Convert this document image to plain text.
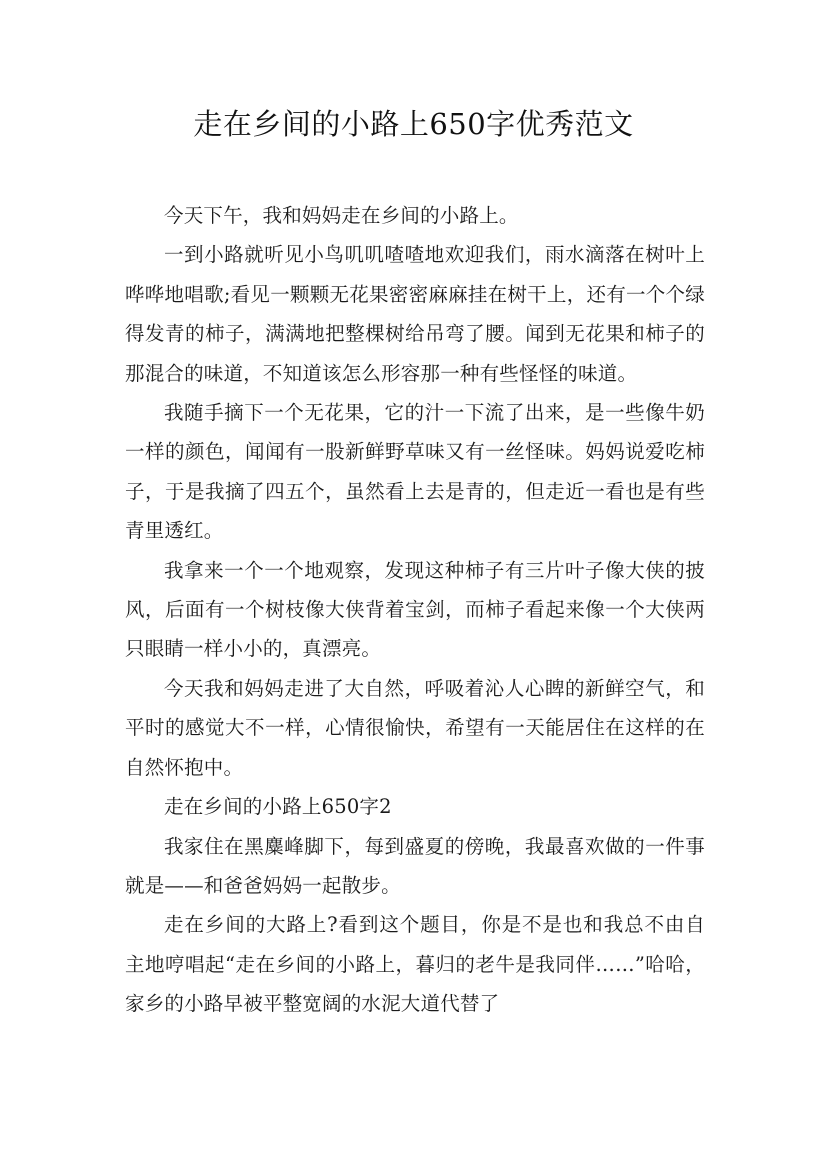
走在乡间的小路上650字优秀范文

今天下午，我和妈妈走在乡间的小路上。

一到小路就听见小鸟叽叽喳喳地欢迎我们，雨水滴落在树叶上哗哗地唱歌;看见一颗颗无花果密密麻麻挂在树干上，还有一个个绿得发青的柿子，满满地把整棵树给吊弯了腰。闻到无花果和柿子的那混合的味道，不知道该怎么形容那一种有些怪怪的味道。

我随手摘下一个无花果，它的汁一下流了出来，是一些像牛奶一样的颜色，闻闻有一股新鲜野草味又有一丝怪味。妈妈说爱吃柿子，于是我摘了四五个，虽然看上去是青的，但走近一看也是有些青里透红。

我拿来一个一个地观察，发现这种柿子有三片叶子像大侠的披风，后面有一个树枝像大侠背着宝剑，而柿子看起来像一个大侠两只眼睛一样小小的，真漂亮。

今天我和妈妈走进了大自然，呼吸着沁人心睥的新鲜空气，和平时的感觉大不一样，心情很愉快，希望有一天能居住在这样的在自然怀抱中。

走在乡间的小路上650字2

我家住在黑麋峰脚下，每到盛夏的傍晚，我最喜欢做的一件事就是——和爸爸妈妈一起散步。

走在乡间的大路上?看到这个题目，你是不是也和我总不由自主地哼唱起“走在乡间的小路上，暮归的老牛是我同伴……”哈哈，家乡的小路早被平整宽阔的水泥大道代替了
